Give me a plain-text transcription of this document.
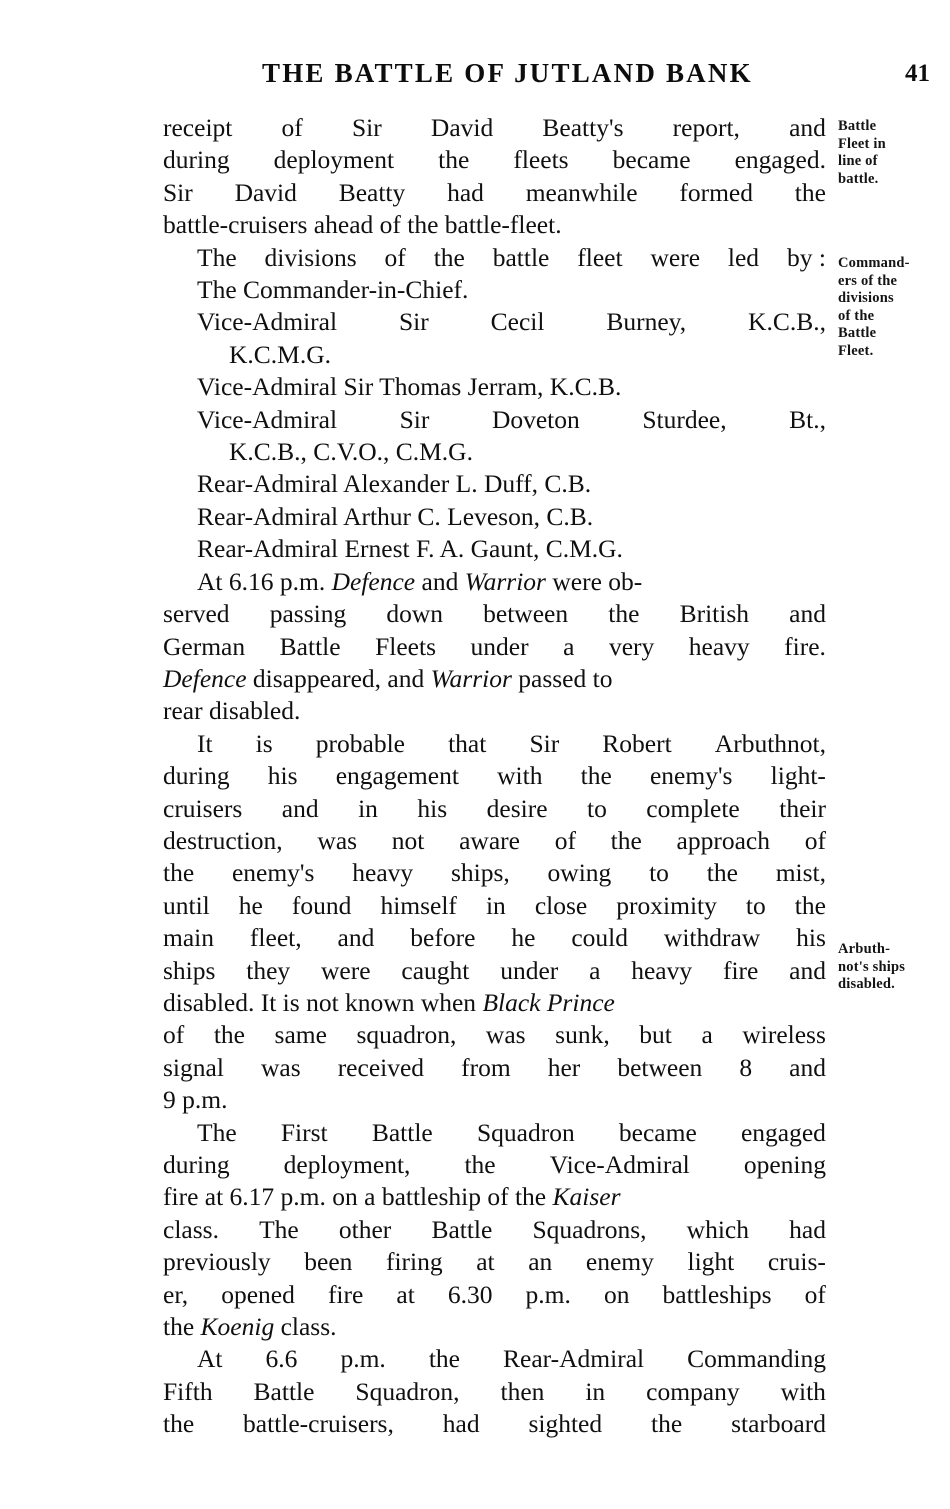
THE BATTLE OF JUTLAND BANK	41
Battle
Fleet in
line of
battle.
Command-
ers of the
divisions
of the
Battle
Fleet.
Arbuth-
not's ships
disabled.
receipt of Sir David Beatty's report, and
during deployment the fleets became engaged.
Sir David Beatty had meanwhile formed the
battle-cruisers ahead of the battle-fleet.
The divisions of the battle fleet were led by :
The Commander-in-Chief.
Vice-Admiral Sir Cecil Burney, K.C.B.,
K.C.M.G.
Vice-Admiral Sir Thomas Jerram, K.C.B.
Vice-Admiral Sir Doveton Sturdee, Bt.,
K.C.B., C.V.O., C.M.G.
Rear-Admiral Alexander L. Duff, C.B.
Rear-Admiral Arthur C. Leveson, C.B.
Rear-Admiral Ernest F. A. Gaunt, C.M.G.
At 6.16 p.m. Defence and Warrior were ob-
served passing down between the British and
German Battle Fleets under a very heavy fire.
Defence disappeared, and Warrior passed to
rear disabled.
It is probable that Sir Robert Arbuthnot,
during his engagement with the enemy's light-
cruisers and in his desire to complete their
destruction, was not aware of the approach of
the enemy's heavy ships, owing to the mist,
until he found himself in close proximity to the
main fleet, and before he could withdraw his
ships they were caught under a heavy fire and
disabled. It is not known when Black Prince
of the same squadron, was sunk, but a wireless
signal was received from her between 8 and
9 p.m.
The First Battle Squadron became engaged
during deployment, the Vice-Admiral opening
fire at 6.17 p.m. on a battleship of the Kaiser
class. The other Battle Squadrons, which had
previously been firing at an enemy light cruis-
er, opened fire at 6.30 p.m. on battleships of
the Koenig class.
At 6.6 p.m. the Rear-Admiral Commanding
Fifth Battle Squadron, then in company with
the battle-cruisers, had sighted the starboard
